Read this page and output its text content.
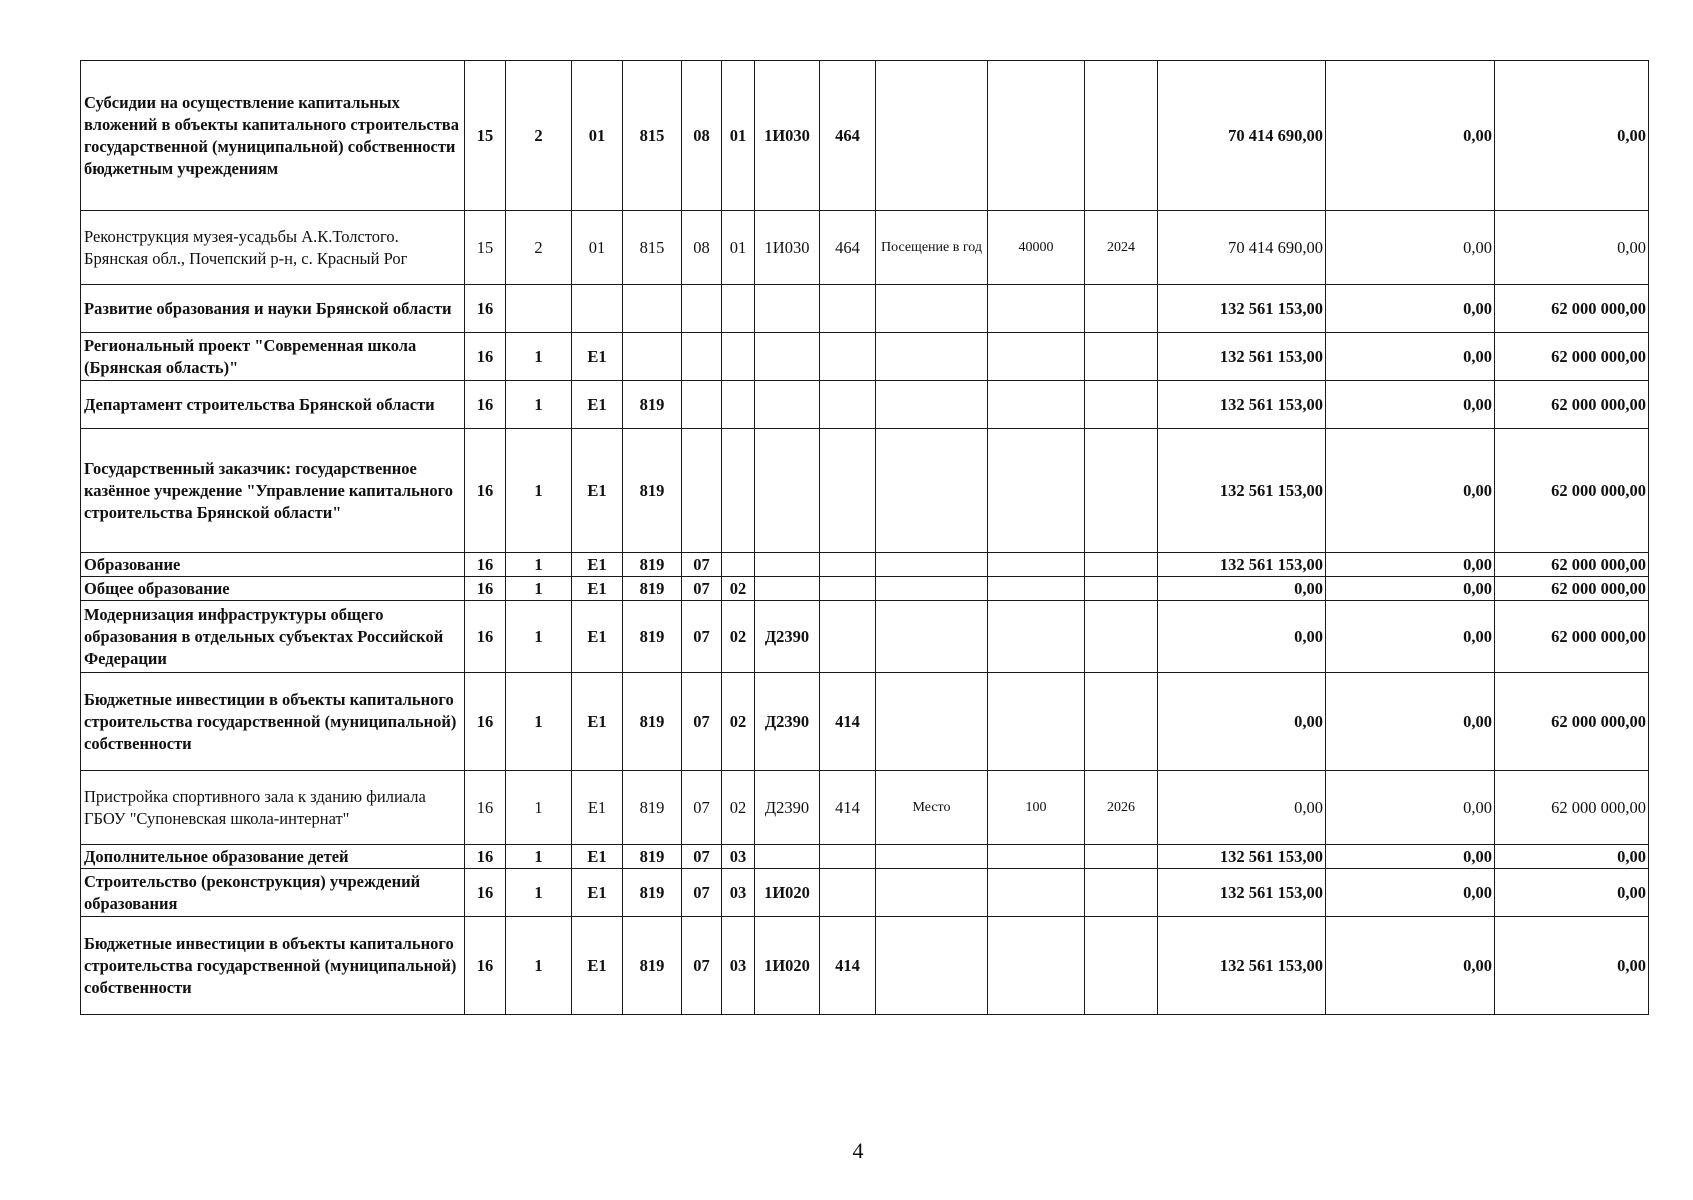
Субсидии на осуществление капитальных вложений в объекты капитального строительства государственной (муниципальной) собственности бюджетным учреждениям	15	2	01	815	08	01	1И030	464				70 414 690,00	0,00	0,00
Реконструкция музея-усадьбы А.К.Толстого. Брянская обл., Почепский р-н, с. Красный Рог	15	2	01	815	08	01	1И030	464	Посещение в год	40000	2024	70 414 690,00	0,00	0,00
Развитие образования и науки Брянской области	16											132 561 153,00	0,00	62 000 000,00
Региональный проект "Современная школа (Брянская область)"	16	1	E1									132 561 153,00	0,00	62 000 000,00
Департамент строительства Брянской области	16	1	E1	819								132 561 153,00	0,00	62 000 000,00
Государственный заказчик: государственное казённое учреждение "Управление капитального строительства Брянской области"	16	1	E1	819								132 561 153,00	0,00	62 000 000,00
Образование	16	1	E1	819	07							132 561 153,00	0,00	62 000 000,00
Общее образование	16	1	E1	819	07	02						0,00	0,00	62 000 000,00
Модернизация инфраструктуры общего образования в отдельных субъектах Российской Федерации	16	1	E1	819	07	02	Д2390					0,00	0,00	62 000 000,00
Бюджетные инвестиции в объекты капитального строительства государственной (муниципальной) собственности	16	1	E1	819	07	02	Д2390	414				0,00	0,00	62 000 000,00
Пристройка спортивного зала к зданию филиала ГБОУ "Супоневская школа-интернат"	16	1	E1	819	07	02	Д2390	414	Место	100	2026	0,00	0,00	62 000 000,00
Дополнительное образование детей	16	1	E1	819	07	03						132 561 153,00	0,00	0,00
Строительство (реконструкция) учреждений образования	16	1	E1	819	07	03	1И020					132 561 153,00	0,00	0,00
Бюджетные инвестиции в объекты капитального строительства государственной (муниципальной) собственности	16	1	E1	819	07	03	1И020	414				132 561 153,00	0,00	0,00
4
